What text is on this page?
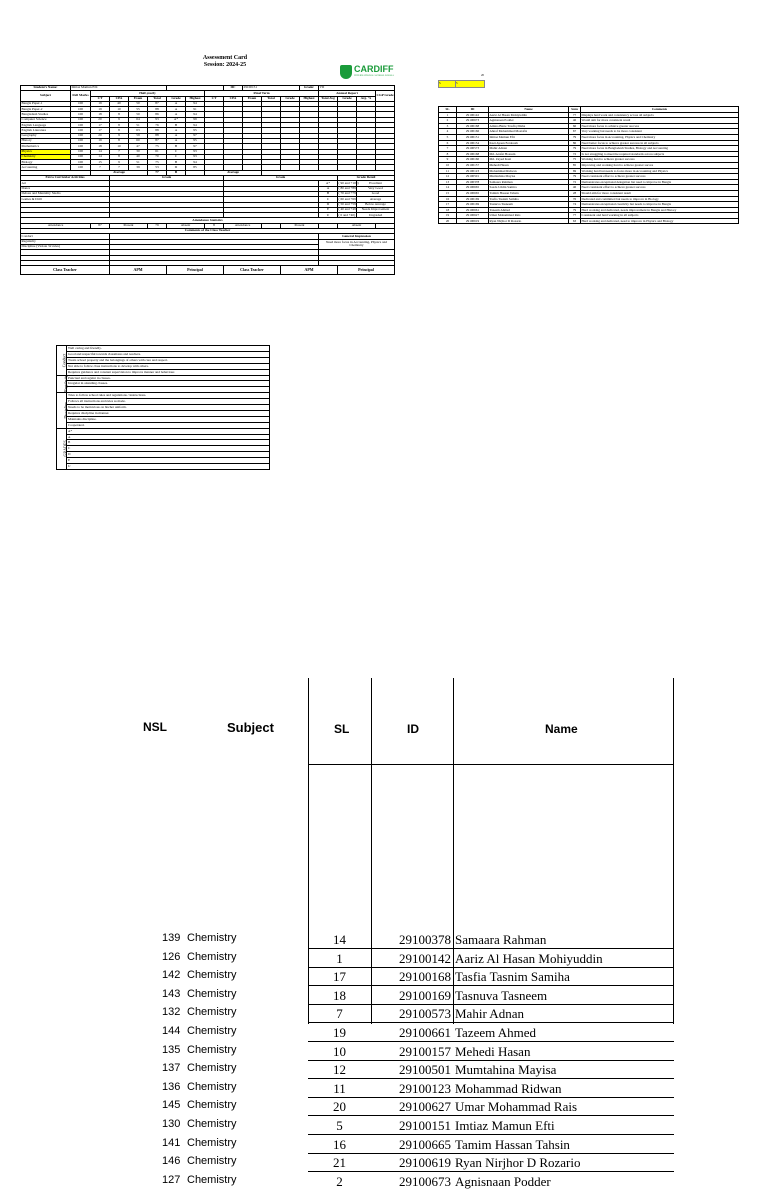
Assessment Card
Session: 2024-25	CARDIFF
INTERNATIONAL SCHOOL DHAKA
Student's Name:	Imtiaz Mamun Efti								ID:	29100151			Grade:	VII			
Subject	Full Marks	Half-yearly						Final Term						Annual Report			CGP Grade
		CT	CPA	Exam	Total	Grade	Highest	CT	CPA	Exam	Total	Grade	Highest	Total Avg	Grade	Avg. %	
Bangla Paper-1	100	19	40	50	87	A	94										
Bangla Paper-2	100	19	10	55	88	A	91										
Bangladesh Studies	100	18	8	50	86	A	94										
Computer Science	100	20	9	64	93	A*	99										
English Language	100	17	8	51	76	B	94										
English Literature	100	17	8	63	88	A	95										
Geography	100	20	9	59	88	A	97										
History	100	19	8	60	87	A	95										
Mathematics	100	18	10	47	75	B	97										
Physics	100	14	7	30	61	C	93										
Chemistry	100	14	8	40	70	C	93										
Biology	100	15	9	51	75	B	94										
Accounting	100	7	7	39	53	D	85										
		Average			77	B		Average									
Extra Curricular Activities			Grade						Grade						Grade Detail		
Art														A*	( 90 and +100)	Excellent	
Dance														A	( 80 and +89)	Very Good	
Debate and Mentality Studio														B	( 70 and +79)	Good	
Games & Drill														C	( 60 and +69)	Average	
														D	( 50 and +59)	Below Average	
														E	( 40 and +49)	Needs Improvement	
														U	( 0 and +40)	Ungraded	
Attendance Statistics																	
Attendance		87	Present		79	Absent		8	Attendance			Present			Absent		
Comments of the Class Teacher																	
Conduct														General Impression			
Regularity														Need more focus in Accounting, Physics and Chemistry			
Discipline (Violate 32 rules)																	

Class Teacher			APM			Principal			Class Teacher			APM			Principal		
20
S	5
SL	ID	Name	Sum	Comments
1	29100142	Aariz Al Hasan Mohiyuddin	77	Displays hard work and consistency across all subjects
2	29100673	Agnisnaan Podder	46	Would aim for more consistent result
3	29100168	Amina Binte Towfiq Disha	66	Need more focus to achieve greater success
4	29100166	Ahnaf Mohammad Mostafiz	67	Very working but needs to be more consistent
5	29100151	Imtiaz Mamun Efti	79	Need more focus in Accounting, Physics and Chemistry
6	29100154	Kazi Ayaan Ferdoush	86	Need better focus to achieve greater success in all subjects
7	29100573	Mahir Adnan	79	Need more focus in Bangladesh Studies, Biology and Accounting
8	29100168	Md. Arafat Hossain	72	Is not struggling to meet the required standards across subjects
9	29100160	Md. Zayed Kazi	75	Working hard to achieve greater success
10	29100157	Mehedi Hasan	85	Improving and working hard to achieve greater succes
11	29100123	Mohammad Ridwan	69	Working hard but needs to focus more in Accounting and Physics
12	29100501	Mumtahina Mayisa	79	Need consistent effort to achieve greater success
13	29100378	Samaara Rahman	72	Demonstrates exceptional delegation but need to improve in Bangla
14	29100665	Saeda Uddin Samira	46	Need consistent effort to achieve greater success
15	29100665	Tamim Hassan Tahsin	28	Should aim for more consistent result
16	29100169	Tasfia Tasnim Samiha	76	Dedicated and committed but needs to improve in Biology
17	29100169	Tasnuva Tasneem	74	Demonstrates exceptional creativity but needs to improve in Bangla
18	29100661	Tazeem Ahmed	79	Hard working and dedicated, needs improvement in Bangla and History
19	29100627	Umar Mohammad Rais	77	Consistent and hard working in all subjects
20	29100619	Ryan Nirjhor D Rozario	63	Hard working and dedicated, need to improve in Physics and Biology
Conduct	Well caring and friendly.
	Good and respectful towards classmates and teachers.
	Treats school property and the belongings of others with care and respect.
	Not able to follow class instructions to develop with others.
	Requires guidance and constant supervision to improve manner and behaviour.
Regularity	Punctual and regular in classes.
	Irregular in attending classes.

Discipline	Tries to follow school rules and regulations / instructions.
	Follows all instructions and rules as made.
	Needs to be meticulous on his/her uniform.
	Requires discipline in manner.
	Maintains discipline.
	Cooperated.
GRADES	A*
	A
	B
	C
	D
	E
	U
NSL	Subject	SL	ID	Name
139 Chemistry	14	29100378 Samaara Rahman
126 Chemistry	1	29100142 Aariz Al Hasan Mohiyuddin
142 Chemistry	17	29100168 Tasfia Tasnim Samiha
143 Chemistry	18	29100169 Tasnuva Tasneem
132 Chemistry	7	29100573 Mahir Adnan
144 Chemistry	19	29100661 Tazeem Ahmed
135 Chemistry	10	29100157 Mehedi Hasan
137 Chemistry	12	29100501 Mumtahina Mayisa
136 Chemistry	11	29100123 Mohammad Ridwan
145 Chemistry	20	29100627 Umar Mohammad Rais
130 Chemistry	5	29100151 Imtiaz Mamun Efti
141 Chemistry	16	29100665 Tamim Hassan Tahsin
146 Chemistry	21	29100619 Ryan Nirjhor D Rozario
127 Chemistry	2	29100673 Agnisnaan Podder
